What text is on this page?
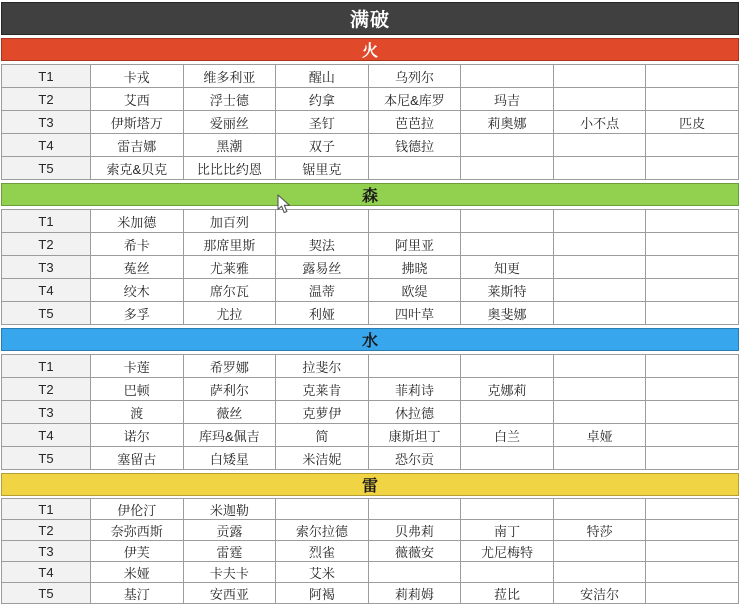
满破
火
T1	卡戎	维多利亚	醒山	乌列尔			
T2	艾西	浮士德	约拿	本尼&库罗	玛吉		
T3	伊斯塔万	爱丽丝	圣钉	芭芭拉	莉奥娜	小不点	匹皮
T4	雷吉娜	黑潮	双子	钱德拉			
T5	索克&贝克	比比比约恩	锯里克				
森
T1	米加德	加百列					
T2	希卡	那席里斯	契法	阿里亚			
T3	菟丝	尤莱雅	露易丝	拂晓	知更		
T4	绞木	席尔瓦	温蒂	欧缇	莱斯特		
T5	多孚	尤拉	利娅	四叶草	奥斐娜		
水
T1	卡莲	希罗娜	拉斐尔				
T2	巴顿	萨利尔	克莱肯	菲莉诗	克娜莉		
T3	渡	薇丝	克萝伊	休拉德			
T4	诺尔	库玛&佩吉	简	康斯坦丁	白兰	卓娅	
T5	塞留古	白矮星	米洁妮	恐尔贡			
雷
T1	伊伦汀	米迦勒					
T2	奈弥西斯	贡露	索尔拉德	贝弗莉	南丁	特莎	
T3	伊芙	雷霆	烈雀	薇薇安	尤尼梅特		
T4	米娅	卡夫卡	艾米				
T5	基汀	安西亚	阿褐	莉莉姆	菈比	安洁尔	
